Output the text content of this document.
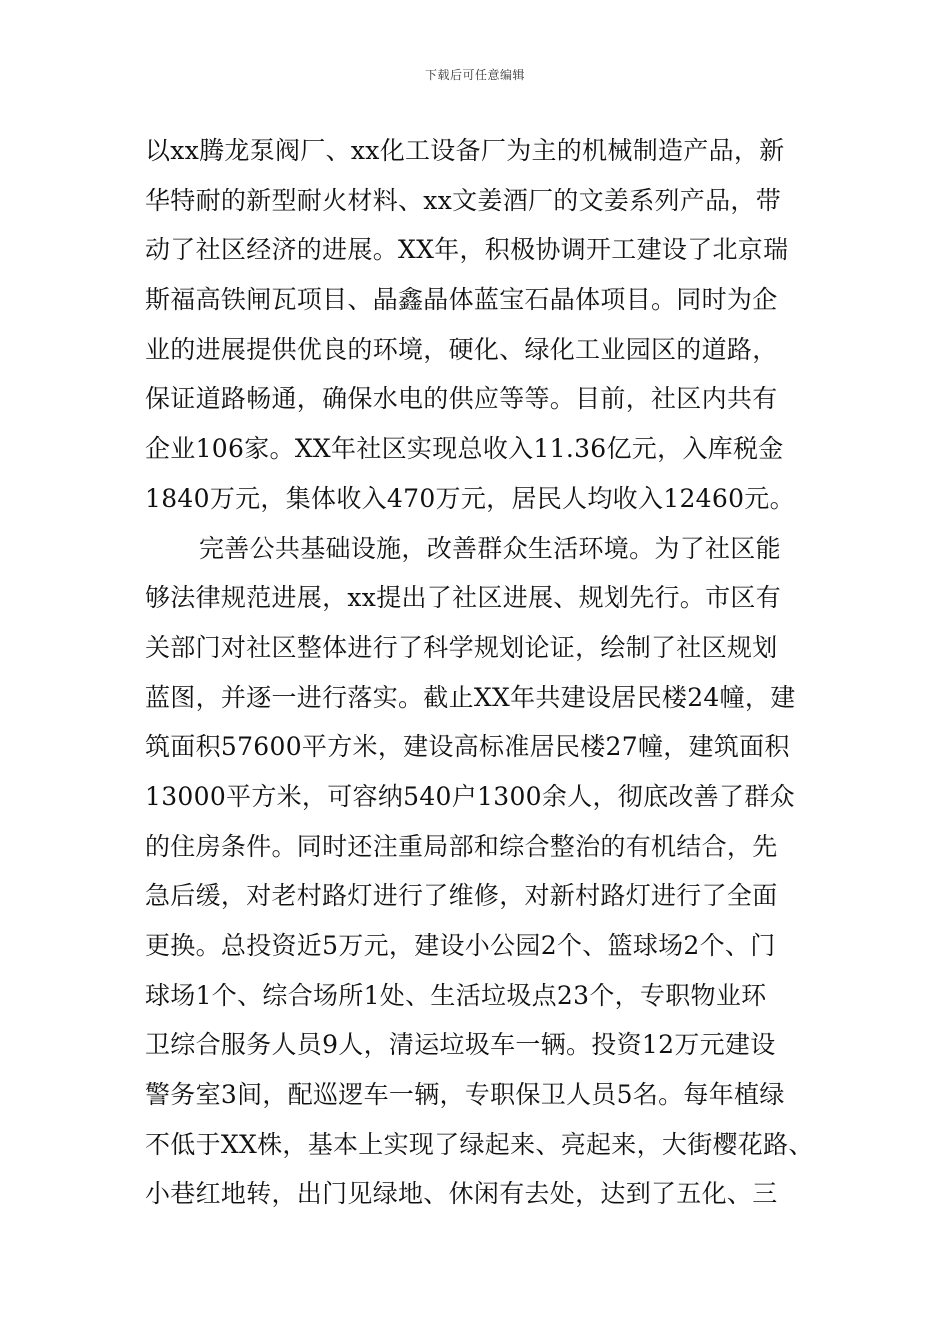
下载后可任意编辑
以xx腾龙泵阀厂、xx化工设备厂为主的机械制造产品，新
华特耐的新型耐火材料、xx文姜酒厂的文姜系列产品，带
动了社区经济的进展。XX年，积极协调开工建设了北京瑞
斯福高铁闸瓦项目、晶鑫晶体蓝宝石晶体项目。同时为企
业的进展提供优良的环境，硬化、绿化工业园区的道路，
保证道路畅通，确保水电的供应等等。目前，社区内共有
企业106家。XX年社区实现总收入11.36亿元，入库税金
1840万元，集体收入470万元，居民人均收入12460元。
完善公共基础设施，改善群众生活环境。为了社区能
够法律规范进展，xx提出了社区进展、规划先行。市区有
关部门对社区整体进行了科学规划论证，绘制了社区规划
蓝图，并逐一进行落实。截止XX年共建设居民楼24幢，建
筑面积57600平方米，建设高标准居民楼27幢，建筑面积
13000平方米，可容纳540户1300余人，彻底改善了群众
的住房条件。同时还注重局部和综合整治的有机结合，先
急后缓，对老村路灯进行了维修，对新村路灯进行了全面
更换。总投资近5万元，建设小公园2个、篮球场2个、门
球场1个、综合场所1处、生活垃圾点23个，专职物业环
卫综合服务人员9人，清运垃圾车一辆。投资12万元建设
警务室3间，配巡逻车一辆，专职保卫人员5名。每年植绿
不低于XX株，基本上实现了绿起来、亮起来，大街樱花路、
小巷红地转，出门见绿地、休闲有去处，达到了五化、三
